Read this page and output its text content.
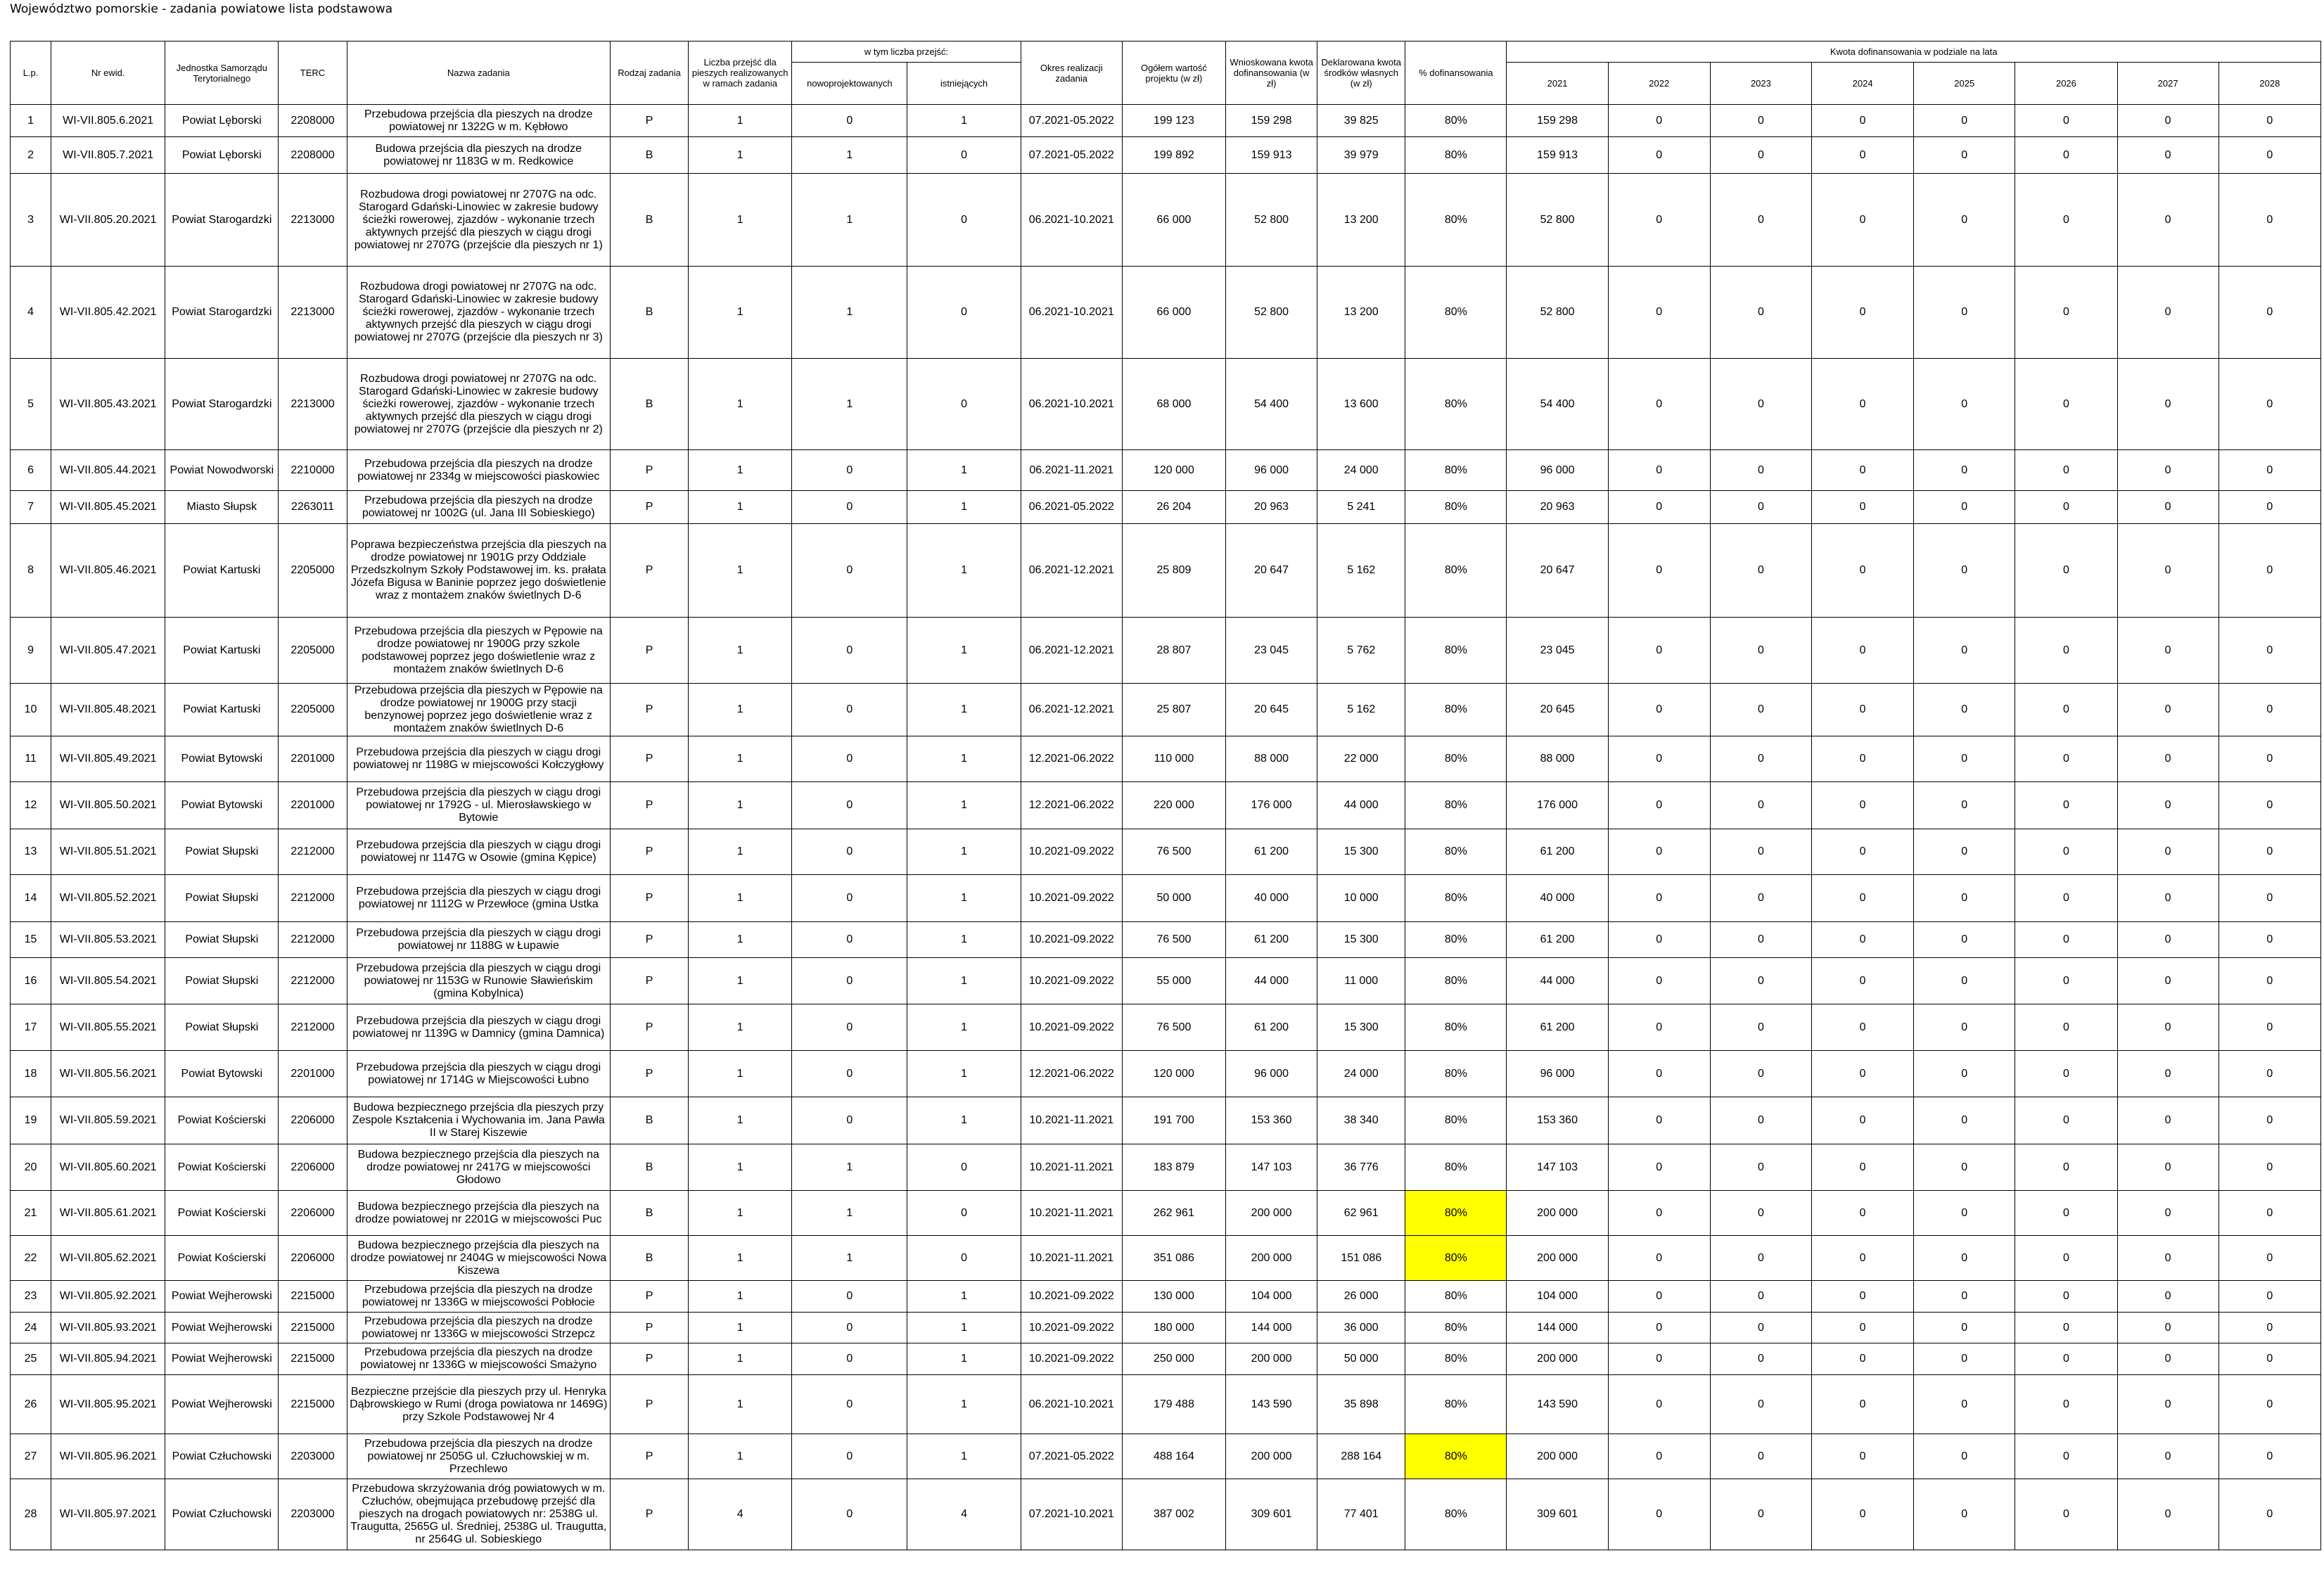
Województwo pomorskie - zadania powiatowe lista podstawowa
L.p.	Nr ewid.	Jednostka Samorządu Terytorialnego	TERC	Nazwa zadania	Rodzaj zadania	Liczba przejść dla pieszych realizowanych w ramach zadania	w tym liczba przejść:		Okres realizacji zadania	Ogółem wartość projektu (w zł)	Wnioskowana kwota dofinansowania (w zł)	Deklarowana kwota środków własnych (w zł)	% dofinansowania	Kwota dofinansowania w podziale na lata							
							nowoprojektowanych	istniejących						2021	2022	2023	2024	2025	2026	2027	2028
1	WI-VII.805.6.2021	Powiat Lęborski	2208000	Przebudowa przejścia dla pieszych na drodze powiatowej nr 1322G w m. Kębłowo	P	1	0	1	07.2021-05.2022	199 123	159 298	39 825	80%	159 298	0	0	0	0	0	0	0
2	WI-VII.805.7.2021	Powiat Lęborski	2208000	Budowa przejścia dla pieszych na drodze powiatowej nr 1183G w m. Redkowice	B	1	1	0	07.2021-05.2022	199 892	159 913	39 979	80%	159 913	0	0	0	0	0	0	0
3	WI-VII.805.20.2021	Powiat Starogardzki	2213000	Rozbudowa drogi powiatowej nr 2707G na odc. Starogard Gdański-Linowiec w zakresie budowy ścieżki rowerowej, zjazdów - wykonanie trzech aktywnych przejść dla pieszych w ciągu drogi powiatowej nr 2707G (przejście dla pieszych nr 1)	B	1	1	0	06.2021-10.2021	66 000	52 800	13 200	80%	52 800	0	0	0	0	0	0	0
4	WI-VII.805.42.2021	Powiat Starogardzki	2213000	Rozbudowa drogi powiatowej nr 2707G na odc. Starogard Gdański-Linowiec w zakresie budowy ścieżki rowerowej, zjazdów - wykonanie trzech aktywnych przejść dla pieszych w ciągu drogi powiatowej nr 2707G (przejście dla pieszych nr 3)	B	1	1	0	06.2021-10.2021	66 000	52 800	13 200	80%	52 800	0	0	0	0	0	0	0
5	WI-VII.805.43.2021	Powiat Starogardzki	2213000	Rozbudowa drogi powiatowej nr 2707G na odc. Starogard Gdański-Linowiec w zakresie budowy ścieżki rowerowej, zjazdów - wykonanie trzech aktywnych przejść dla pieszych w ciągu drogi powiatowej nr 2707G (przejście dla pieszych nr 2)	B	1	1	0	06.2021-10.2021	68 000	54 400	13 600	80%	54 400	0	0	0	0	0	0	0
6	WI-VII.805.44.2021	Powiat Nowodworski	2210000	Przebudowa przejścia dla pieszych na drodze powiatowej nr 2334g w miejscowości piaskowiec	P	1	0	1	06.2021-11.2021	120 000	96 000	24 000	80%	96 000	0	0	0	0	0	0	0
7	WI-VII.805.45.2021	Miasto Słupsk	2263011	Przebudowa przejścia dla pieszych na drodze powiatowej nr 1002G (ul. Jana III Sobieskiego)	P	1	0	1	06.2021-05.2022	26 204	20 963	5 241	80%	20 963	0	0	0	0	0	0	0
8	WI-VII.805.46.2021	Powiat Kartuski	2205000	Poprawa bezpieczeństwa przejścia dla pieszych na drodze powiatowej nr 1901G przy Oddziale Przedszkolnym Szkoły Podstawowej im. ks. prałata Józefa Bigusa w Baninie poprzez jego doświetlenie wraz z montażem znaków świetlnych D-6	P	1	0	1	06.2021-12.2021	25 809	20 647	5 162	80%	20 647	0	0	0	0	0	0	0
9	WI-VII.805.47.2021	Powiat Kartuski	2205000	Przebudowa przejścia dla pieszych w Pępowie na drodze powiatowej nr 1900G przy szkole podstawowej poprzez jego doświetlenie wraz z montażem znaków świetlnych D-6	P	1	0	1	06.2021-12.2021	28 807	23 045	5 762	80%	23 045	0	0	0	0	0	0	0
10	WI-VII.805.48.2021	Powiat Kartuski	2205000	Przebudowa przejścia dla pieszych w Pępowie na drodze powiatowej nr 1900G przy stacji benzynowej poprzez jego doświetlenie wraz z montażem znaków świetlnych D-6	P	1	0	1	06.2021-12.2021	25 807	20 645	5 162	80%	20 645	0	0	0	0	0	0	0
11	WI-VII.805.49.2021	Powiat Bytowski	2201000	Przebudowa przejścia dla pieszych w ciągu drogi powiatowej nr 1198G w miejscowości Kołczygłowy	P	1	0	1	12.2021-06.2022	110 000	88 000	22 000	80%	88 000	0	0	0	0	0	0	0
12	WI-VII.805.50.2021	Powiat Bytowski	2201000	Przebudowa przejścia dla pieszych w ciągu drogi powiatowej nr 1792G - ul. Mierosławskiego w Bytowie	P	1	0	1	12.2021-06.2022	220 000	176 000	44 000	80%	176 000	0	0	0	0	0	0	0
13	WI-VII.805.51.2021	Powiat Słupski	2212000	Przebudowa przejścia dla pieszych w ciągu drogi powiatowej nr 1147G w Osowie (gmina Kępice)	P	1	0	1	10.2021-09.2022	76 500	61 200	15 300	80%	61 200	0	0	0	0	0	0	0
14	WI-VII.805.52.2021	Powiat Słupski	2212000	Przebudowa przejścia dla pieszych w ciągu drogi powiatowej nr 1112G w Przewłoce (gmina Ustka	P	1	0	1	10.2021-09.2022	50 000	40 000	10 000	80%	40 000	0	0	0	0	0	0	0
15	WI-VII.805.53.2021	Powiat Słupski	2212000	Przebudowa przejścia dla pieszych w ciągu drogi powiatowej nr 1188G w Łupawie	P	1	0	1	10.2021-09.2022	76 500	61 200	15 300	80%	61 200	0	0	0	0	0	0	0
16	WI-VII.805.54.2021	Powiat Słupski	2212000	Przebudowa przejścia dla pieszych w ciągu drogi powiatowej nr 1153G w Runowie Sławieńskim (gmina Kobylnica)	P	1	0	1	10.2021-09.2022	55 000	44 000	11 000	80%	44 000	0	0	0	0	0	0	0
17	WI-VII.805.55.2021	Powiat Słupski	2212000	Przebudowa przejścia dla pieszych w ciągu drogi powiatowej nr 1139G w Damnicy (gmina Damnica)	P	1	0	1	10.2021-09.2022	76 500	61 200	15 300	80%	61 200	0	0	0	0	0	0	0
18	WI-VII.805.56.2021	Powiat Bytowski	2201000	Przebudowa przejścia dla pieszych w ciągu drogi powiatowej nr 1714G w Miejscowości Łubno	P	1	0	1	12.2021-06.2022	120 000	96 000	24 000	80%	96 000	0	0	0	0	0	0	0
19	WI-VII.805.59.2021	Powiat Kościerski	2206000	Budowa bezpiecznego przejścia dla pieszych przy Zespole Kształcenia i Wychowania im. Jana Pawła II w Starej Kiszewie	B	1	0	1	10.2021-11.2021	191 700	153 360	38 340	80%	153 360	0	0	0	0	0	0	0
20	WI-VII.805.60.2021	Powiat Kościerski	2206000	Budowa bezpiecznego przejścia dla pieszych na drodze powiatowej nr 2417G w miejscowości Głodowo	B	1	1	0	10.2021-11.2021	183 879	147 103	36 776	80%	147 103	0	0	0	0	0	0	0
21	WI-VII.805.61.2021	Powiat Kościerski	2206000	Budowa bezpiecznego przejścia dla pieszych na drodze powiatowej nr 2201G w miejscowości Puc	B	1	1	0	10.2021-11.2021	262 961	200 000	62 961	80%	200 000	0	0	0	0	0	0	0
22	WI-VII.805.62.2021	Powiat Kościerski	2206000	Budowa bezpiecznego przejścia dla pieszych na drodze powiatowej nr 2404G w miejscowości Nowa Kiszewa	B	1	1	0	10.2021-11.2021	351 086	200 000	151 086	80%	200 000	0	0	0	0	0	0	0
23	WI-VII.805.92.2021	Powiat Wejherowski	2215000	Przebudowa przejścia dla pieszych na drodze powiatowej nr 1336G w miejscowości Pobłocie	P	1	0	1	10.2021-09.2022	130 000	104 000	26 000	80%	104 000	0	0	0	0	0	0	0
24	WI-VII.805.93.2021	Powiat Wejherowski	2215000	Przebudowa przejścia dla pieszych na drodze powiatowej nr 1336G w miejscowości Strzepcz	P	1	0	1	10.2021-09.2022	180 000	144 000	36 000	80%	144 000	0	0	0	0	0	0	0
25	WI-VII.805.94.2021	Powiat Wejherowski	2215000	Przebudowa przejścia dla pieszych na drodze powiatowej nr 1336G w miejscowości Smażyno	P	1	0	1	10.2021-09.2022	250 000	200 000	50 000	80%	200 000	0	0	0	0	0	0	0
26	WI-VII.805.95.2021	Powiat Wejherowski	2215000	Bezpieczne przejście dla pieszych przy ul. Henryka Dąbrowskiego w Rumi (droga powiatowa nr 1469G) przy Szkole Podstawowej Nr 4	P	1	0	1	06.2021-10.2021	179 488	143 590	35 898	80%	143 590	0	0	0	0	0	0	0
27	WI-VII.805.96.2021	Powiat Człuchowski	2203000	Przebudowa przejścia dla pieszych na drodze powiatowej nr 2505G ul. Człuchowskiej w m. Przechlewo	P	1	0	1	07.2021-05.2022	488 164	200 000	288 164	80%	200 000	0	0	0	0	0	0	0
28	WI-VII.805.97.2021	Powiat Człuchowski	2203000	Przebudowa skrzyżowania dróg powiatowych w m. Człuchów, obejmująca przebudowę przejść dla pieszych na drogach powiatowych nr: 2538G ul. Traugutta, 2565G ul. Średniej, 2538G ul. Traugutta, nr 2564G ul. Sobieskiego	P	4	0	4	07.2021-10.2021	387 002	309 601	77 401	80%	309 601	0	0	0	0	0	0	0
